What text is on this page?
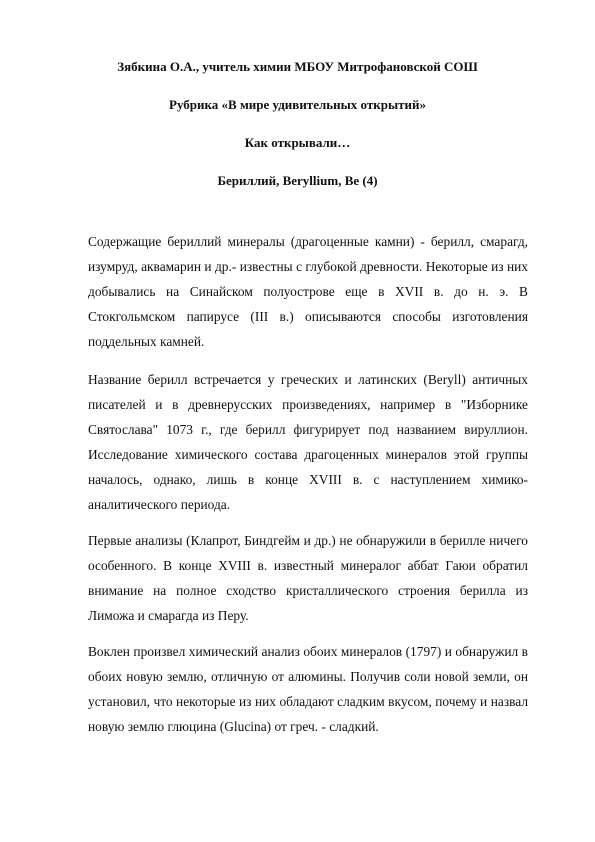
Зябкина О.А., учитель химии МБОУ Митрофановской СОШ
Рубрика «В мире удивительных открытий»
Как открывали…
Бериллий, Beryllium, Be (4)

Содержащие бериллий минералы (драгоценные камни) - берилл, смарагд, изумруд, аквамарин и др.- известны с глубокой древности. Некоторые из них добывались на Синайском полуострове еще в XVII в. до н. э. В Стокгольмском папирусе (III в.) описываются способы изготовления поддельных камней.

Название берилл встречается у греческих и латинских (Beryll) античных писателей и в древнерусских произведениях, например в "Изборнике Святослава" 1073 г., где берилл фигурирует под названием вируллион. Исследование химического состава драгоценных минералов этой группы началось, однако, лишь в конце XVIII в. с наступлением химико-аналитического периода.

Первые анализы (Клапрот, Биндгейм и др.) не обнаружили в берилле ничего особенного. В конце XVIII в. известный минералог аббат Гаюи обратил внимание на полное сходство кристаллического строения берилла из Лиможа и смарагда из Перу.

Воклен произвел химический анализ обоих минералов (1797) и обнаружил в обоих новую землю, отличную от алюмины. Получив соли новой земли, он установил, что некоторые из них обладают сладким вкусом, почему и назвал новую землю глюцина (Glucina) от греч. - сладкий.
